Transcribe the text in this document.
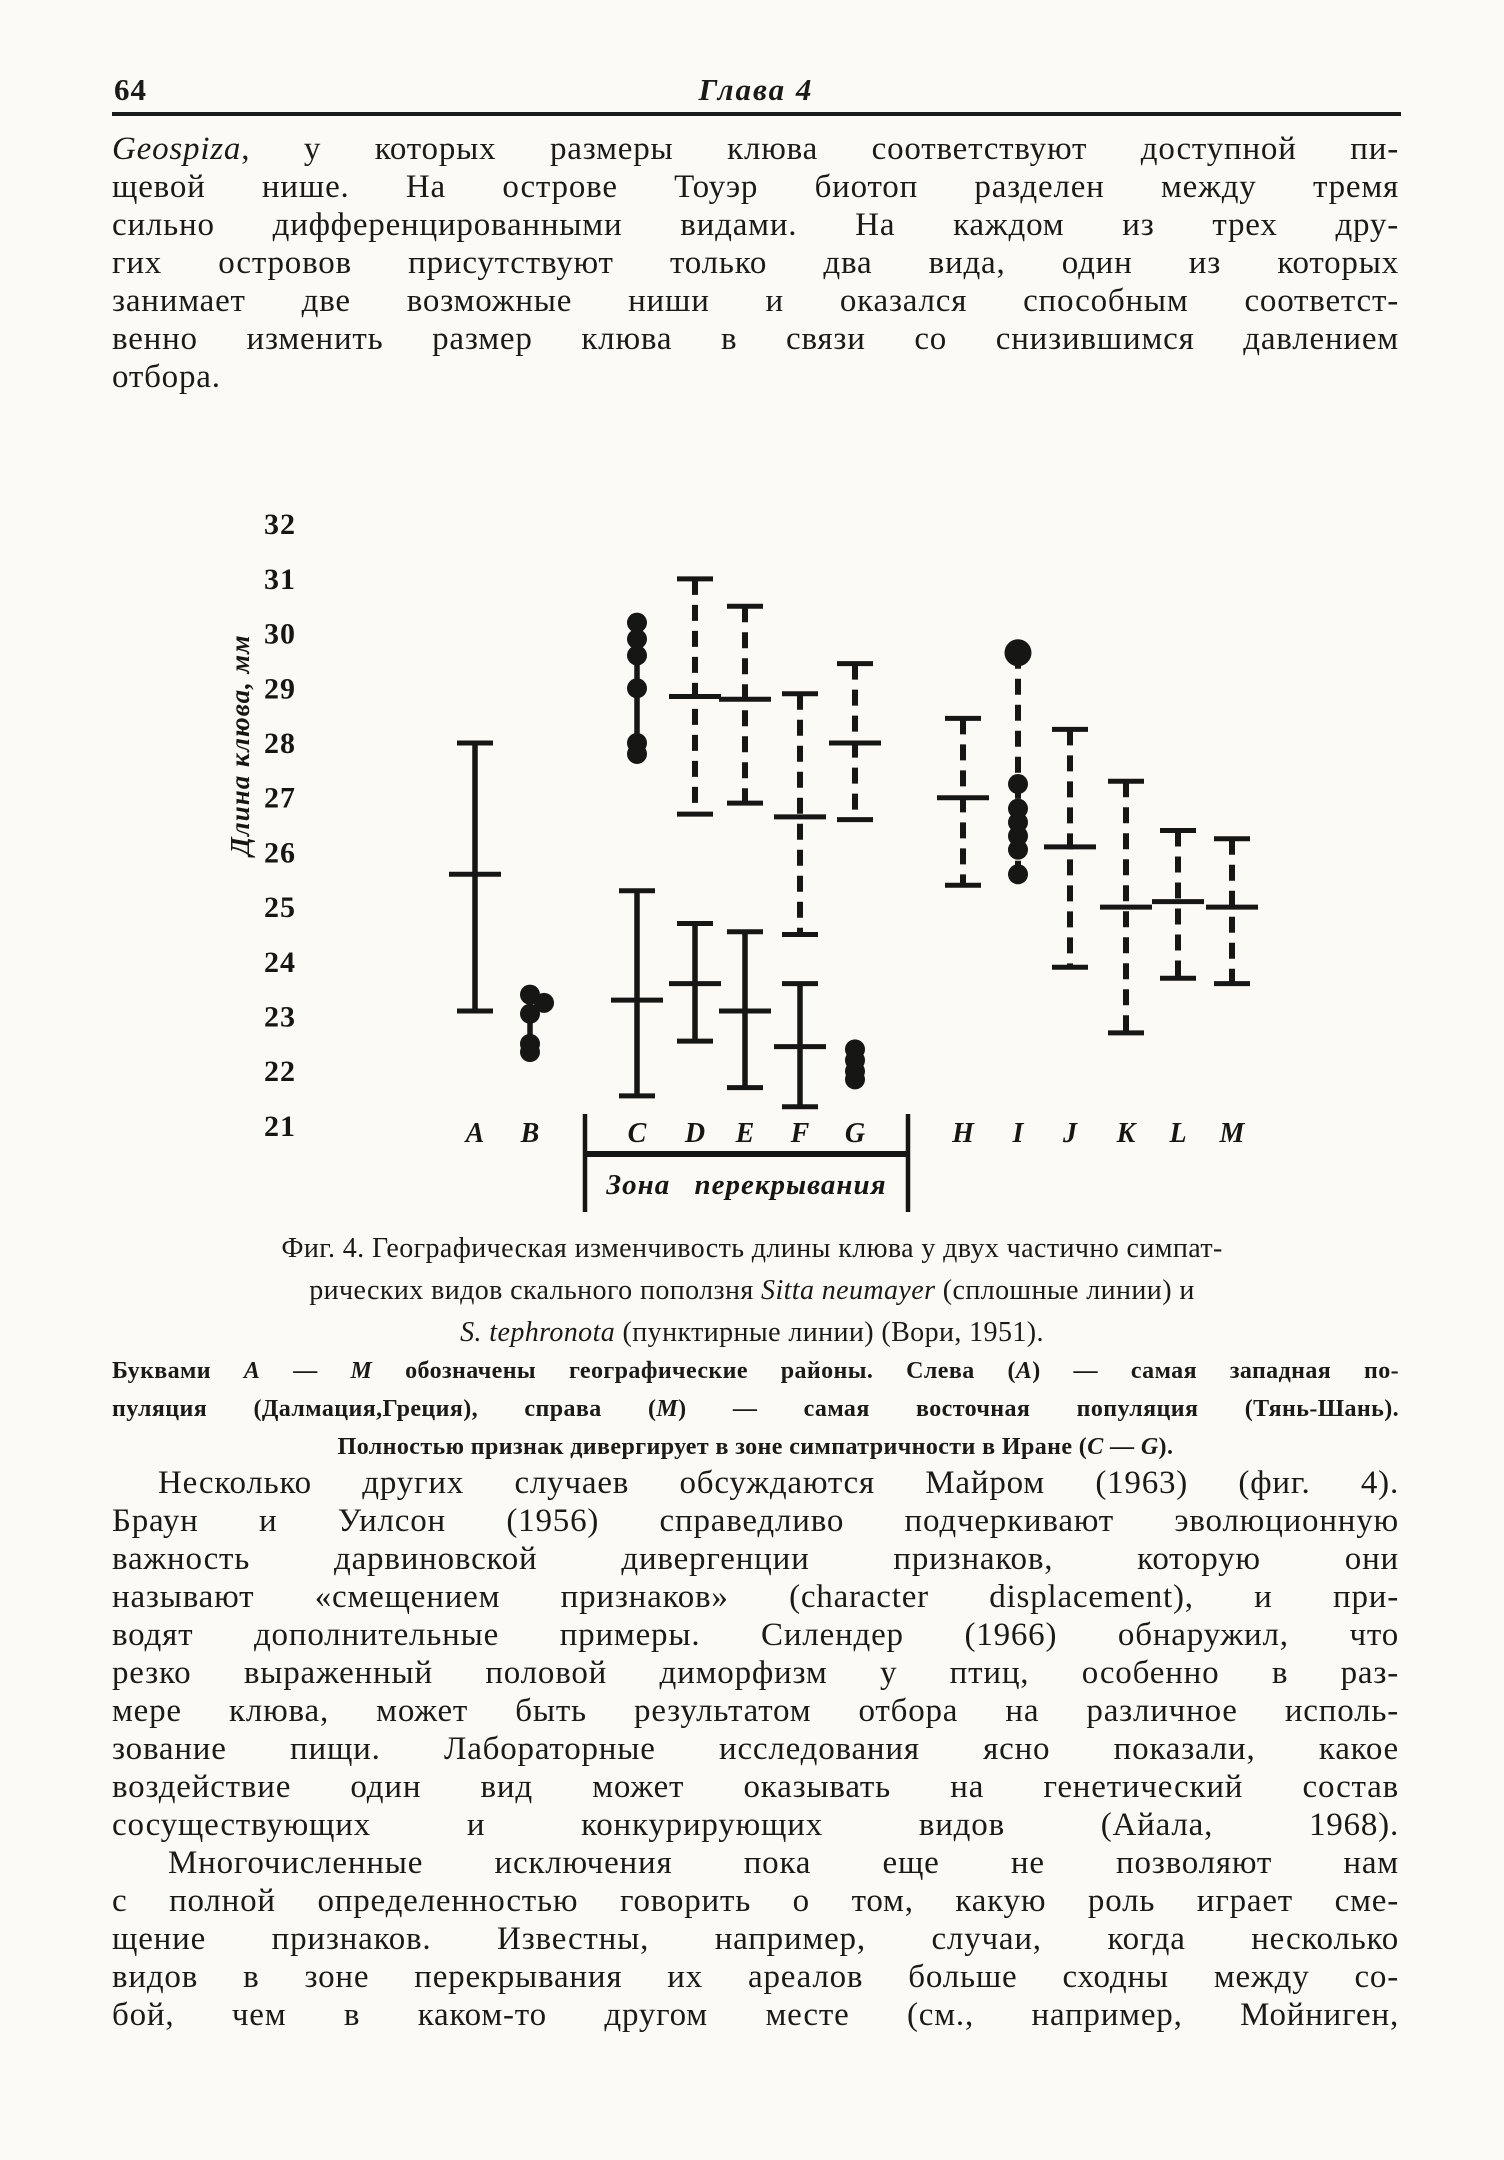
64	Глава 4
Geospiza, у которых размеры клюва соответствуют доступной пи-
щевой нише. На острове Тоуэр биотоп разделен между тремя
сильно дифференцированными видами. На каждом из трех дру-
гих островов присутствуют только два вида, один из которых
занимает две возможные ниши и оказался способным соответст-
венно изменить размер клюва в связи со снизившимся давлением
отбора.
32
31
30
29
28
27
26
25
24
23
22
21
Длина клюва, мм
A B	C D E F G	H I J K L M
Зона перекрывания
Фиг. 4. Географическая изменчивость длины клюва у двух частично симпат-
рических видов скального поползня Sitta neumayer (сплошные линии) и
S. tephronota (пунктирные линии) (Вори, 1951).
Буквами A — M обозначены географические районы. Слева (A) — самая западная по-
пуляция (Далмация,Греция), справа (M) — самая восточная популяция (Тянь-Шань).
Полностью признак дивергирует в зоне симпатричности в Иране (C — G).
Несколько других случаев обсуждаются Майром (1963) (фиг. 4).
Браун и Уилсон (1956) справедливо подчеркивают эволюционную
важность дарвиновской дивергенции признаков, которую они
называют «смещением признаков» (character displacement), и при-
водят дополнительные примеры. Силендер (1966) обнаружил, что
резко выраженный половой диморфизм у птиц, особенно в раз-
мере клюва, может быть результатом отбора на различное исполь-
зование пищи. Лабораторные исследования ясно показали, какое
воздействие один вид может оказывать на генетический состав
сосуществующих и конкурирующих видов (Айала, 1968).
Многочисленные исключения пока еще не позволяют нам
с полной определенностью говорить о том, какую роль играет сме-
щение признаков. Известны, например, случаи, когда несколько
видов в зоне перекрывания их ареалов больше сходны между со-
бой, чем в каком-то другом месте (см., например, Мойниген,
